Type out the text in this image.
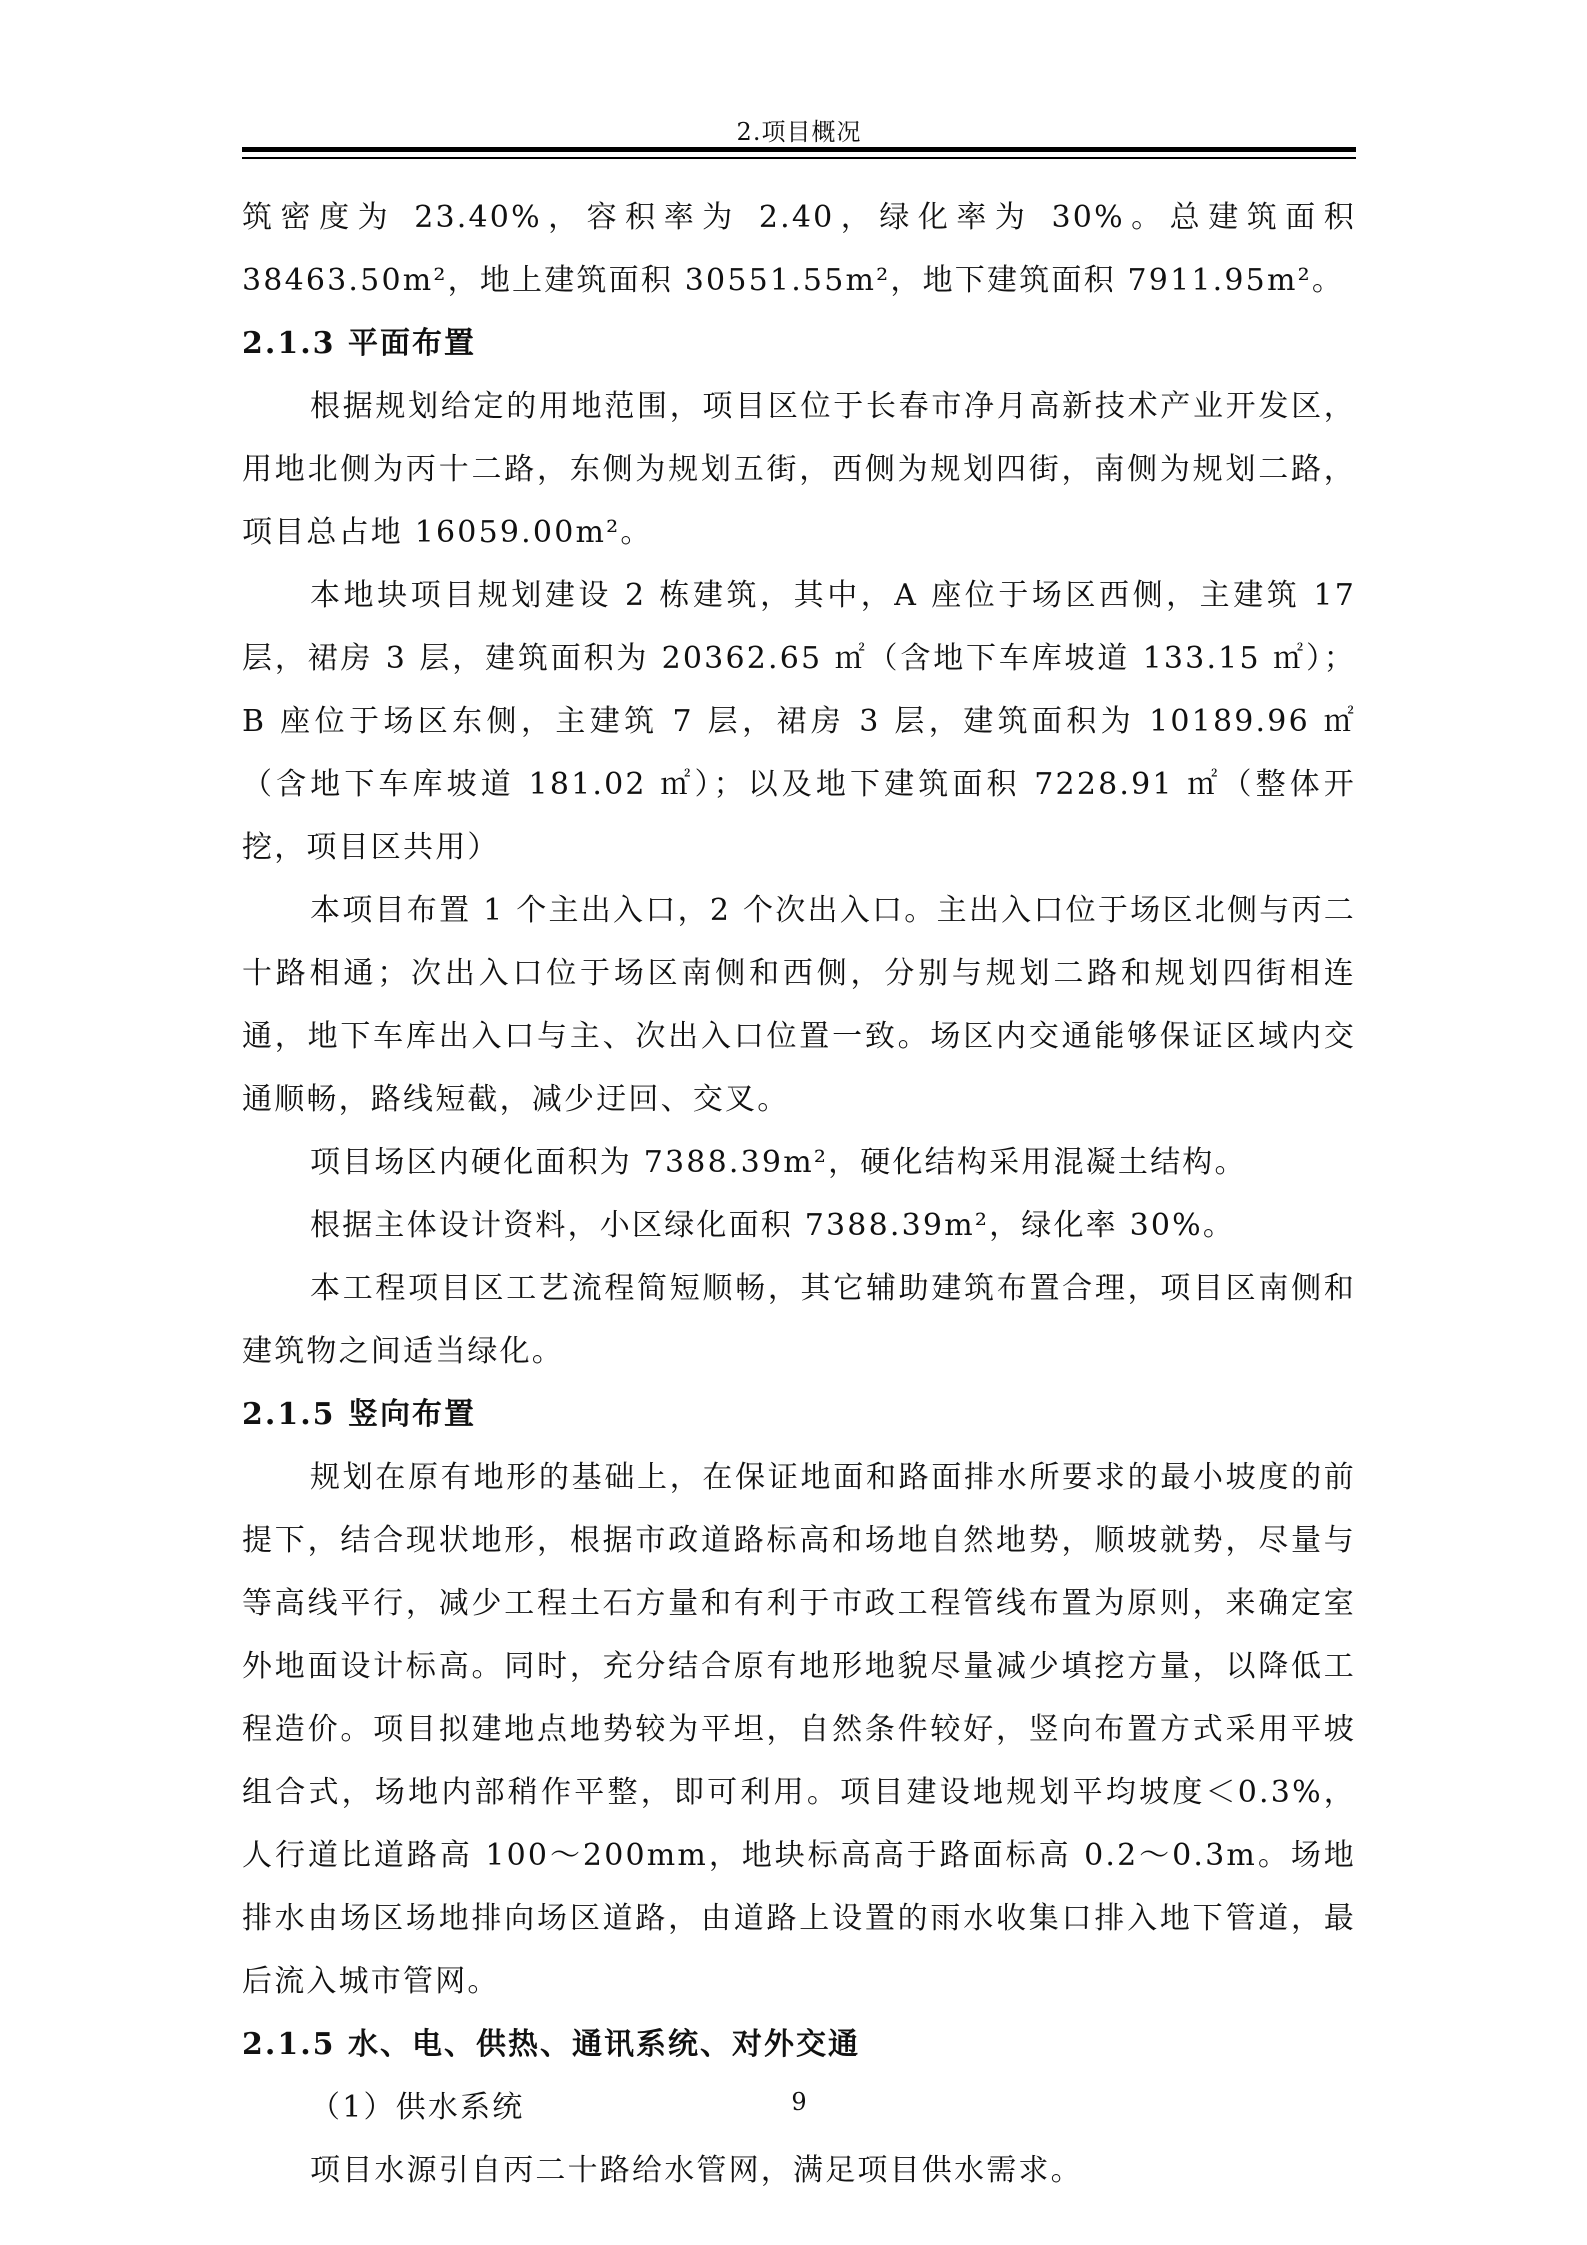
2.项目概况

筑密度为 23.40%，容积率为 2.40，绿化率为 30%。总建筑面积 38463.50m²，地上建筑面积 30551.55m²，地下建筑面积 7911.95m²。

2.1.3 平面布置

根据规划给定的用地范围，项目区位于长春市净月高新技术产业开发区，用地北侧为丙十二路，东侧为规划五街，西侧为规划四街，南侧为规划二路，项目总占地 16059.00m²。

本地块项目规划建设 2 栋建筑，其中，A 座位于场区西侧，主建筑 17 层，裙房 3 层，建筑面积为 20362.65 ㎡（含地下车库坡道 133.15 ㎡）；B 座位于场区东侧，主建筑 7 层，裙房 3 层，建筑面积为 10189.96 ㎡（含地下车库坡道 181.02 ㎡）；以及地下建筑面积 7228.91 ㎡（整体开挖，项目区共用）

本项目布置 1 个主出入口，2 个次出入口。主出入口位于场区北侧与丙二十路相通；次出入口位于场区南侧和西侧，分别与规划二路和规划四街相连通，地下车库出入口与主、次出入口位置一致。场区内交通能够保证区域内交通顺畅，路线短截，减少迂回、交叉。

项目场区内硬化面积为 7388.39m²，硬化结构采用混凝土结构。

根据主体设计资料，小区绿化面积 7388.39m²，绿化率 30%。

本工程项目区工艺流程简短顺畅，其它辅助建筑布置合理，项目区南侧和建筑物之间适当绿化。

2.1.5 竖向布置

规划在原有地形的基础上，在保证地面和路面排水所要求的最小坡度的前提下，结合现状地形，根据市政道路标高和场地自然地势，顺坡就势，尽量与等高线平行，减少工程土石方量和有利于市政工程管线布置为原则，来确定室外地面设计标高。同时，充分结合原有地形地貌尽量减少填挖方量，以降低工程造价。项目拟建地点地势较为平坦，自然条件较好，竖向布置方式采用平坡组合式，场地内部稍作平整，即可利用。项目建设地规划平均坡度＜0.3%，人行道比道路高 100～200mm，地块标高高于路面标高 0.2～0.3m。场地排水由场区场地排向场区道路，由道路上设置的雨水收集口排入地下管道，最后流入城市管网。

2.1.5 水、电、供热、通讯系统、对外交通

（1）供水系统

项目水源引自丙二十路给水管网，满足项目供水需求。

9
